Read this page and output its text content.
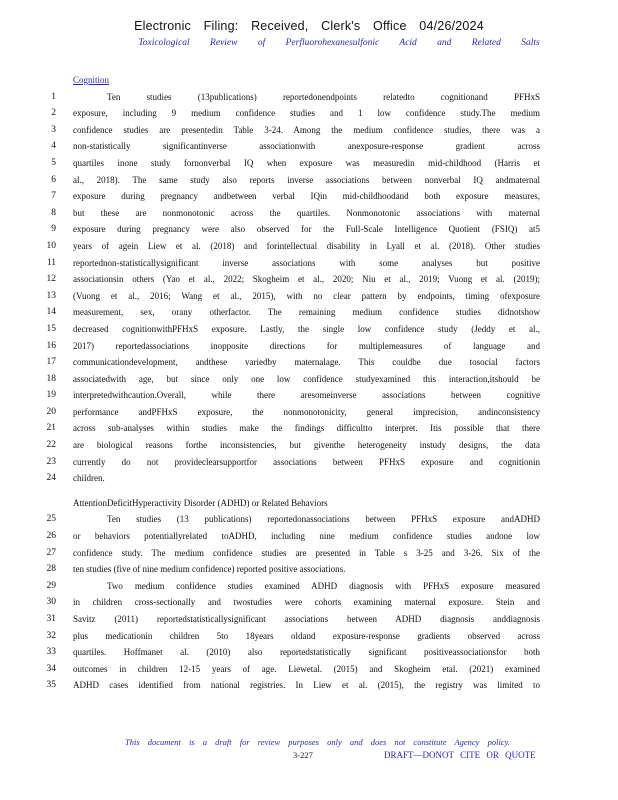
Electronic Filing: Received, Clerk's Office 04/26/2024
Toxicological Review of Perfluorohexanesulfonic Acid and Related Salts
Cognition
1	Ten studies (13publications) reportedonendpoints relatedto cognitionand PFHxS
2 exposure, including 9 medium confidence studies and 1 low confidence study.The medium
3 confidence studies are presentedin Table 3-24. Among the medium confidence studies, there was a
4 non-statistically significantinverse associationwith anexposure-response gradient across
5 quartiles inone study fornonverbal IQ when exposure was measuredin mid-childhood (Harris et
6 al., 2018). The same study also reports inverse associations between nonverbal IQ andmaternal
7 exposure during pregnancy andbetween verbal IQin mid-childhoodand both exposure measures,
8 but these are nonmonotonic across the quartiles. Nonmonotonic associations with maternal
9 exposure during pregnancy were also observed for the Full-Scale Intelligence Quotient (FSIQ) at5
10 years of agein Liew et al. (2018) and forintellectual disability in Lyall et al. (2018). Other studies
11 reportednon-statisticallysignificant inverse associations with some analyses but positive
12 associationsin others (Yao et al., 2022; Skogheim et al., 2020; Niu et al., 2019; Vuong et al. (2019);
13 (Vuong et al., 2016; Wang et al., 2015), with no clear pattern by endpoints, timing ofexposure
14 measurement, sex, orany otherfactor. The remaining medium confidence studies didnotshow
15 decreased cognitionwithPFHxS exposure. Lastly, the single low confidence study (Jeddy et al.,
16 2017) reportedassociations inopposite directions for multiplemeasures of language and
17 communicationdevelopment, andthese variedby maternalage. This couldbe due tosocial factors
18 associatedwith age, but since only one low confidence studyexamined this interaction,itshould be
19 interpretedwithcaution.Overall, while there aresomeinverse associations between cognitive
20 performance andPFHxS exposure, the nonmonotonicity, general imprecision, andinconsistency
21 across sub-analyses within studies make the findings difficultto interpret. Itis possible that there
22 are biological reasons forthe inconsistencies, but giventhe heterogeneity instudy designs, the data
23 currently do not provideclearsupportfor associations between PFHxS exposure and cognitionin
24 children.
AttentionDeficitHyperactivity Disorder (ADHD) or Related Behaviors
25	Ten studies (13 publications) reportedonassociations between PFHxS exposure andADHD
26 or behaviors potentiallyrelated toADHD, including nine medium confidence studies andone low
27 confidence study. The medium confidence studies are presented in Table s 3-25 and 3-26. Six of the
28 ten studies (five of nine medium confidence) reported positive associations.
29	Two medium confidence studies examined ADHD diagnosis with PFHxS exposure measured
30 in children cross-sectionally and twostudies were cohorts examining maternal exposure. Stein and
31 Savitz (2011) reportedstatisticallysignificant associations between ADHD diagnosis anddiagnosis
32 plus medicationin children 5to 18years oldand exposure-response gradients observed across
33 quartiles. Hoffmanet al. (2010) also reportedstatistically significant positiveassociationsfor both
34 outcomes in children 12-15 years of age. Liewetal. (2015) and Skogheim etal. (2021) examined
35 ADHD cases identified from national registries. In Liew et al. (2015), the registry was limited to
This document is a draft for review purposes only and does not constitute Agency policy.
3-227	DRAFT—DONOT CITE OR QUOTE
